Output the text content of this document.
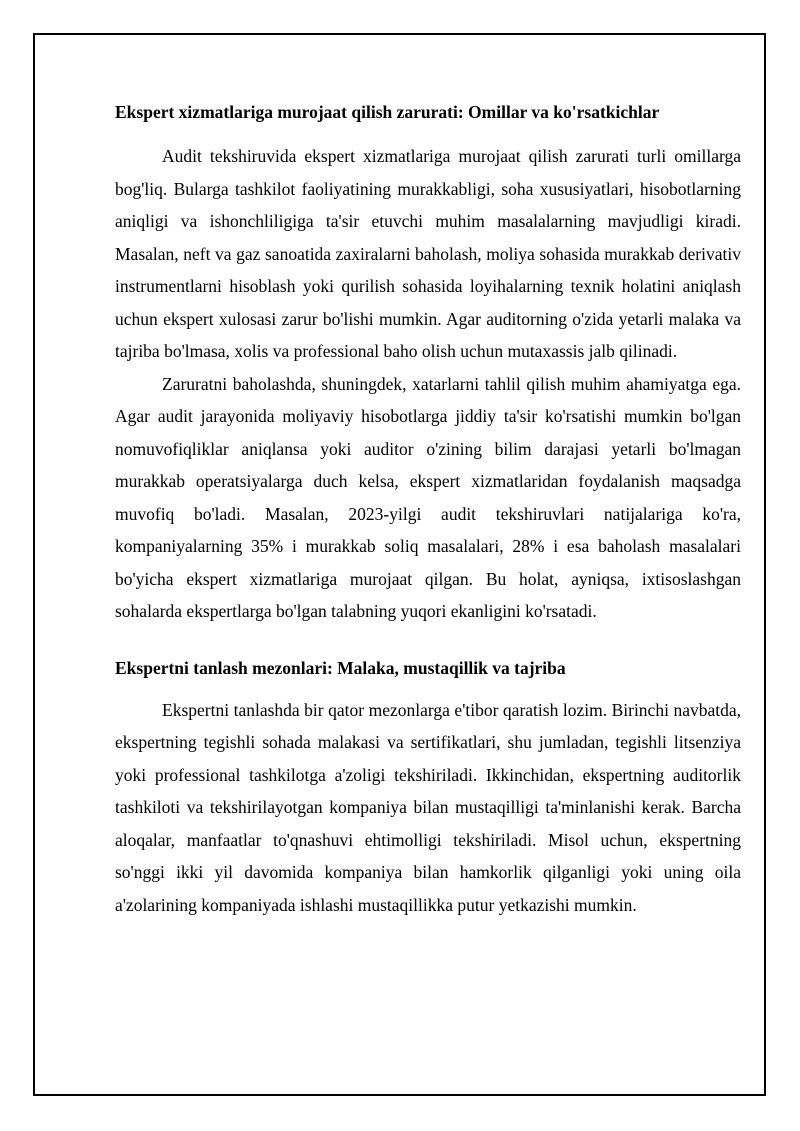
Ekspert xizmatlariga murojaat qilish zarurati: Omillar va ko'rsatkichlar

Audit tekshiruvida ekspert xizmatlariga murojaat qilish zarurati turli omillarga bog'liq. Bularga tashkilot faoliyatining murakkabligi, soha xususiyatlari, hisobotlarning aniqligi va ishonchliligiga ta'sir etuvchi muhim masalalarning mavjudligi kiradi. Masalan, neft va gaz sanoatida zaxiralarni baholash, moliya sohasida murakkab derivativ instrumentlarni hisoblash yoki qurilish sohasida loyihalarning texnik holatini aniqlash uchun ekspert xulosasi zarur bo'lishi mumkin. Agar auditorning o'zida yetarli malaka va tajriba bo'lmasa, xolis va professional baho olish uchun mutaxassis jalb qilinadi.

Zaruratni baholashda, shuningdek, xatarlarni tahlil qilish muhim ahamiyatga ega. Agar audit jarayonida moliyaviy hisobotlarga jiddiy ta'sir ko'rsatishi mumkin bo'lgan nomuvofiqliklar aniqlansa yoki auditor o'zining bilim darajasi yetarli bo'lmagan murakkab operatsiyalarga duch kelsa, ekspert xizmatlaridan foydalanish maqsadga muvofiq bo'ladi. Masalan, 2023-yilgi audit tekshiruvlari natijalariga ko'ra, kompaniyalarning 35% i murakkab soliq masalalari, 28% i esa baholash masalalari bo'yicha ekspert xizmatlariga murojaat qilgan. Bu holat, ayniqsa, ixtisoslashgan sohalarda ekspertlarga bo'lgan talabning yuqori ekanligini ko'rsatadi.

Ekspertni tanlash mezonlari: Malaka, mustaqillik va tajriba

Ekspertni tanlashda bir qator mezonlarga e'tibor qaratish lozim. Birinchi navbatda, ekspertning tegishli sohada malakasi va sertifikatlari, shu jumladan, tegishli litsenziya yoki professional tashkilotga a'zoligi tekshiriladi. Ikkinchidan, ekspertning auditorlik tashkiloti va tekshirilayotgan kompaniya bilan mustaqilligi ta'minlanishi kerak. Barcha aloqalar, manfaatlar to'qnashuvi ehtimolligi tekshiriladi. Misol uchun, ekspertning so'nggi ikki yil davomida kompaniya bilan hamkorlik qilganligi yoki uning oila a'zolarining kompaniyada ishlashi mustaqillikka putur yetkazishi mumkin.
